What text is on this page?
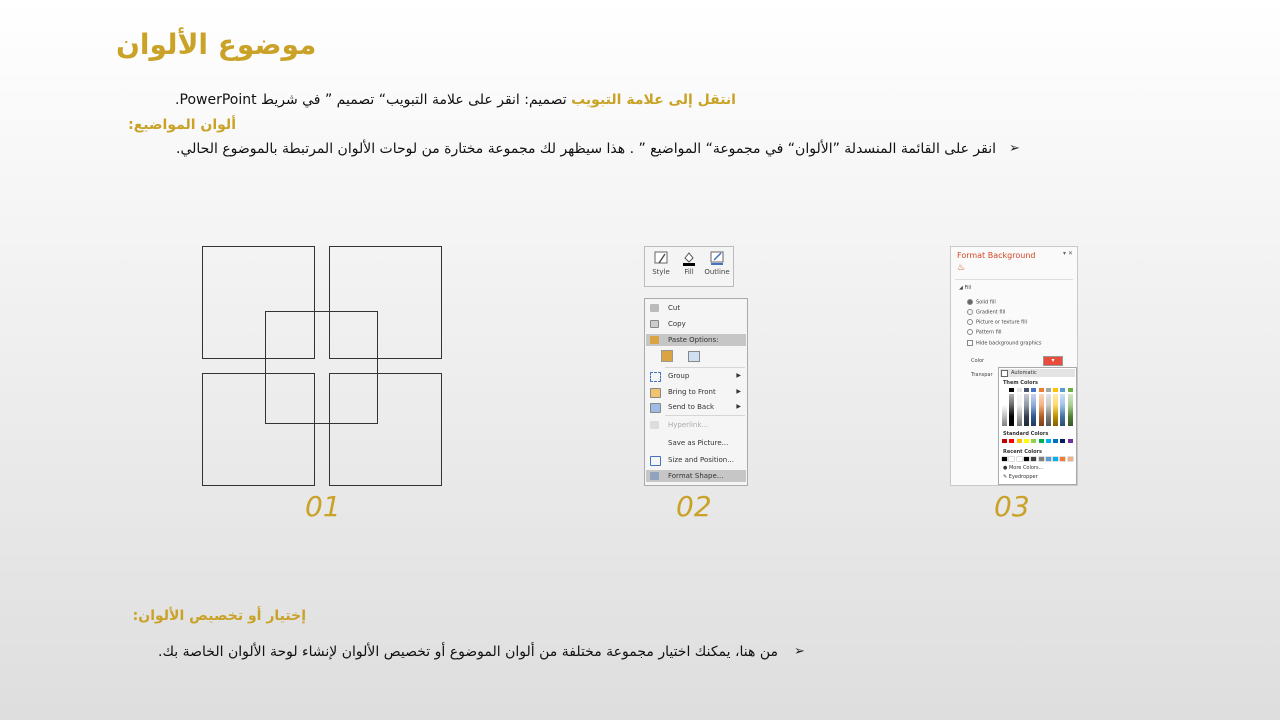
موضوع الألوان
انتقل إلى علامة التبويب تصميم: انقر على علامة التبويب“ تصميم ” في شريط PowerPoint.
ألوان المواضيع:
➢
انقر على القائمة المنسدلة ”الألوان“ في مجموعة“ المواضيع ” . هذا سيظهر لك مجموعة مختارة من لوحات الألوان المرتبطة بالموضوع الحالي.
Style	Fill	Outline
Cut
Copy
Paste Options:
Group	▶
Bring to Front	▶
Send to Back	▶
Hyperlink...
Save as Picture...
Size and Position...
Format Shape...
Format Background	▾ ✕
♨
◢ Fill
Solid fill
Gradient fill
Picture or texture fill
Pattern fill
Hide background graphics
Color	▾
Transpar	Automatic
Them Colors
Standard Colors
Recent Colors
● More Colors...
✎ Eyedropper
01	02	03
إختيار أو تخصيص الألوان:
➢
من هنا، يمكنك اختيار مجموعة مختلفة من ألوان الموضوع أو تخصيص الألوان لإنشاء لوحة الألوان الخاصة بك.
